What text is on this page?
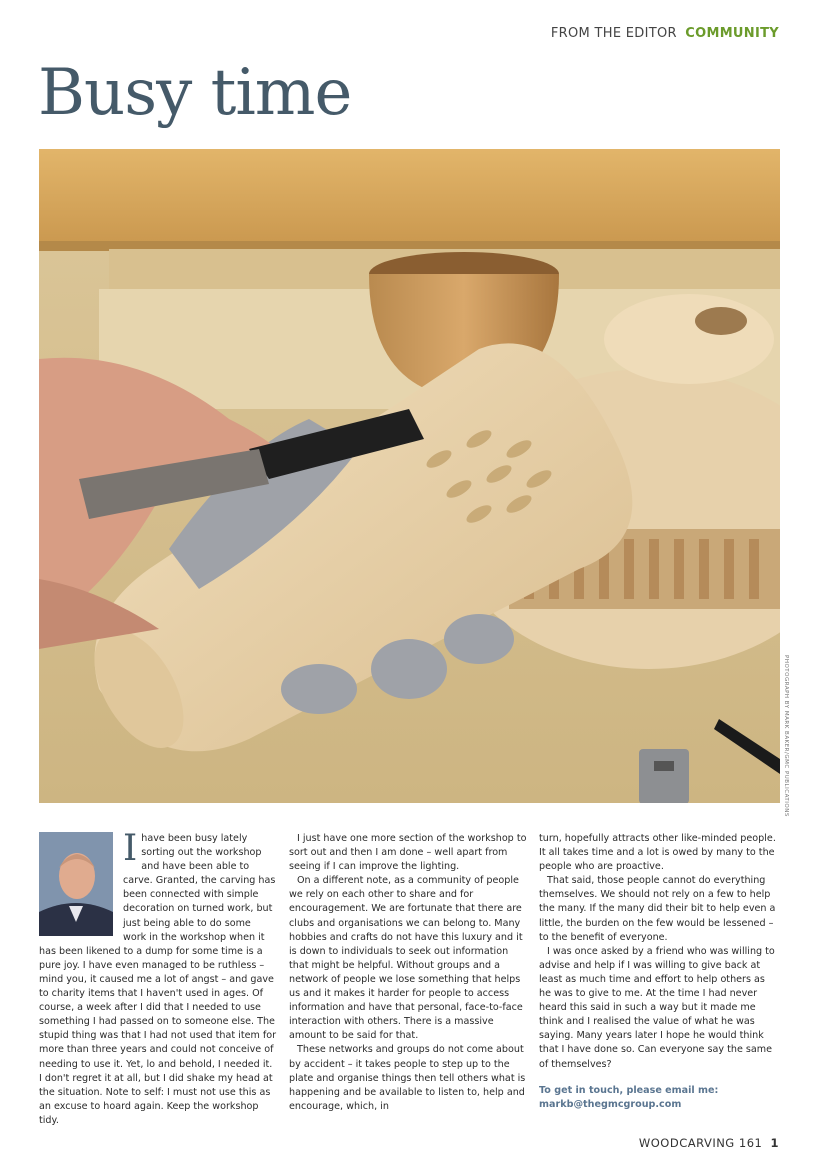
FROM THE EDITOR COMMUNITY
Busy time
PHOTOGRAPH BY MARK BAKER/GMC PUBLICATIONS
I have been busy lately sorting out the workshop and have been able to carve. Granted, the carving has been connected with simple decoration on turned work, but just being able to do some work in the workshop when it has been likened to a dump for some time is a pure joy. I have even managed to be ruthless – mind you, it caused me a lot of angst – and gave to charity items that I haven't used in ages. Of course, a week after I did that I needed to use something I had passed on to someone else. The stupid thing was that I had not used that item for more than three years and could not conceive of needing to use it. Yet, lo and behold, I needed it. I don't regret it at all, but I did shake my head at the situation. Note to self: I must not use this as an excuse to hoard again. Keep the workshop tidy.

I just have one more section of the workshop to sort out and then I am done – well apart from seeing if I can improve the lighting.

On a different note, as a community of people we rely on each other to share and for encouragement. We are fortunate that there are clubs and organisations we can belong to. Many hobbies and crafts do not have this luxury and it is down to individuals to seek out information that might be helpful. Without groups and a network of people we lose something that helps us and it makes it harder for people to access information and have that personal, face-to-face interaction with others. There is a massive amount to be said for that.

These networks and groups do not come about by accident – it takes people to step up to the plate and organise things then tell others what is happening and be available to listen to, help and encourage, which, in

turn, hopefully attracts other like-minded people. It all takes time and a lot is owed by many to the people who are proactive.

That said, those people cannot do everything themselves. We should not rely on a few to help the many. If the many did their bit to help even a little, the burden on the few would be lessened – to the benefit of everyone.

I was once asked by a friend who was willing to advise and help if I was willing to give back at least as much time and effort to help others as he was to give to me. At the time I had never heard this said in such a way but it made me think and I realised the value of what he was saying. Many years later I hope he would think that I have done so. Can everyone say the same of themselves?

To get in touch, please email me:
markb@thegmcgroup.com
WOODCARVING 161 1
